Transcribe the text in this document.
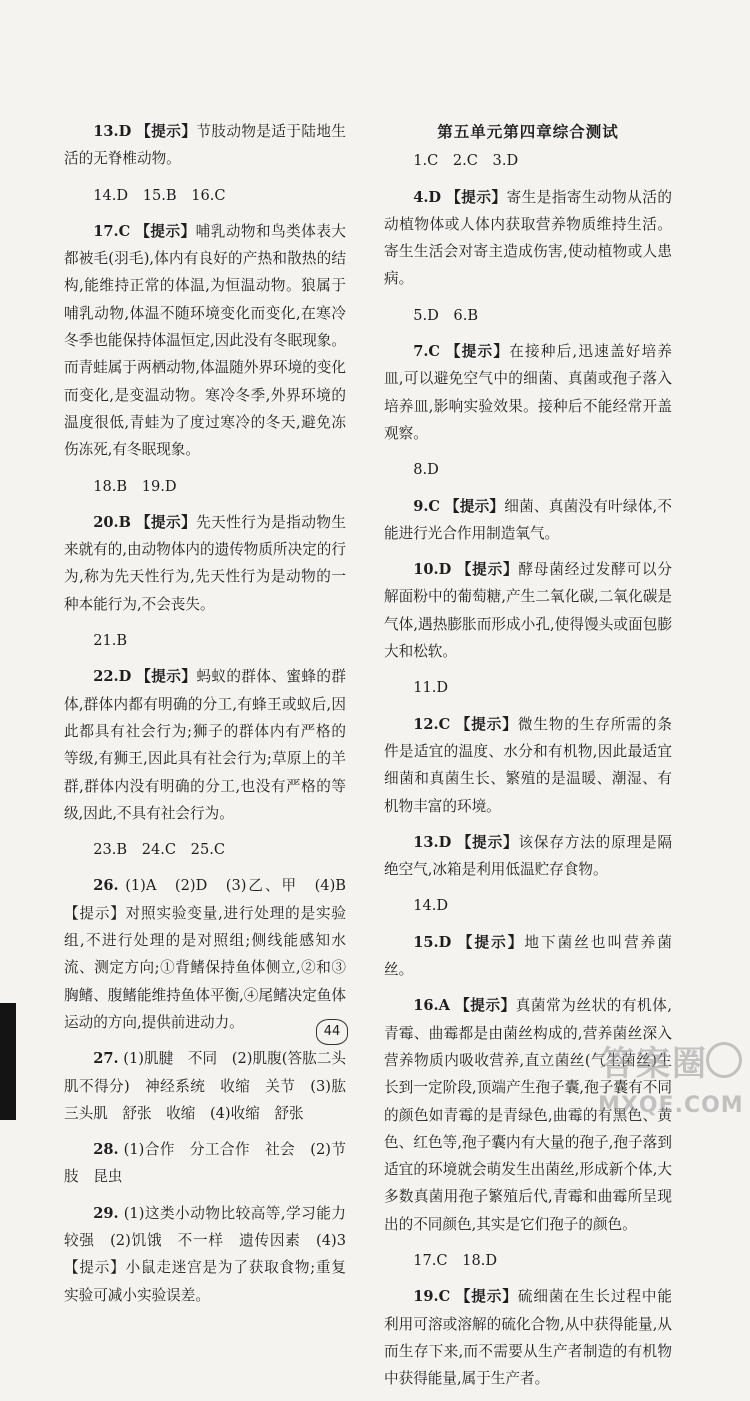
13.D 【提示】节肢动物是适于陆地生活的无脊椎动物。
14.D　15.B　16.C
17.C 【提示】哺乳动物和鸟类体表大都被毛(羽毛),体内有良好的产热和散热的结构,能维持正常的体温,为恒温动物。狼属于哺乳动物,体温不随环境变化而变化,在寒冷冬季也能保持体温恒定,因此没有冬眠现象。而青蛙属于两栖动物,体温随外界环境的变化而变化,是变温动物。寒冷冬季,外界环境的温度很低,青蛙为了度过寒冷的冬天,避免冻伤冻死,有冬眠现象。
18.B　19.D
20.B 【提示】先天性行为是指动物生来就有的,由动物体内的遗传物质所决定的行为,称为先天性行为,先天性行为是动物的一种本能行为,不会丧失。
21.B
22.D 【提示】蚂蚁的群体、蜜蜂的群体,群体内都有明确的分工,有蜂王或蚁后,因此都具有社会行为;狮子的群体内有严格的等级,有狮王,因此具有社会行为;草原上的羊群,群体内没有明确的分工,也没有严格的等级,因此,不具有社会行为。
23.B　24.C　25.C
26. (1)A　(2)D　(3)乙、甲　(4)B　【提示】对照实验变量,进行处理的是实验组,不进行处理的是对照组;侧线能感知水流、测定方向;①背鳍保持鱼体侧立,②和③胸鳍、腹鳍能维持鱼体平衡,④尾鳍决定鱼体运动的方向,提供前进动力。
27. (1)肌腱　不同　(2)肌腹(答肱二头肌不得分)　神经系统　收缩　关节　(3)肱三头肌　舒张　收缩　(4)收缩　舒张
28. (1)合作　分工合作　社会　(2)节肢　昆虫
29. (1)这类小动物比较高等,学习能力较强　(2)饥饿　不一样　遗传因素　(4)3　【提示】小鼠走迷宫是为了获取食物;重复实验可减小实验误差。
第五单元第四章综合测试
1.C　2.C　3.D
4.D 【提示】寄生是指寄生动物从活的动植物体或人体内获取营养物质维持生活。寄生生活会对寄主造成伤害,使动植物或人患病。
5.D　6.B
7.C 【提示】在接种后,迅速盖好培养皿,可以避免空气中的细菌、真菌或孢子落入培养皿,影响实验效果。接种后不能经常开盖观察。
8.D
9.C 【提示】细菌、真菌没有叶绿体,不能进行光合作用制造氧气。
10.D 【提示】酵母菌经过发酵可以分解面粉中的葡萄糖,产生二氧化碳,二氧化碳是气体,遇热膨胀而形成小孔,使得馒头或面包膨大和松软。
11.D
12.C 【提示】微生物的生存所需的条件是适宜的温度、水分和有机物,因此最适宜细菌和真菌生长、繁殖的是温暖、潮湿、有机物丰富的环境。
13.D 【提示】该保存方法的原理是隔绝空气,冰箱是利用低温贮存食物。
14.D
15.D 【提示】地下菌丝也叫营养菌丝。
16.A 【提示】真菌常为丝状的有机体,青霉、曲霉都是由菌丝构成的,营养菌丝深入营养物质内吸收营养,直立菌丝(气生菌丝)生长到一定阶段,顶端产生孢子囊,孢子囊有不同的颜色如青霉的是青绿色,曲霉的有黑色、黄色、红色等,孢子囊内有大量的孢子,孢子落到适宜的环境就会萌发生出菌丝,形成新个体,大多数真菌用孢子繁殖后代,青霉和曲霉所呈现出的不同颜色,其实是它们孢子的颜色。
17.C　18.D
19.C 【提示】硫细菌在生长过程中能利用可溶或溶解的硫化合物,从中获得能量,从而生存下来,而不需要从生产者制造的有机物中获得能量,属于生产者。
44
答案圈
MXQE.COM
